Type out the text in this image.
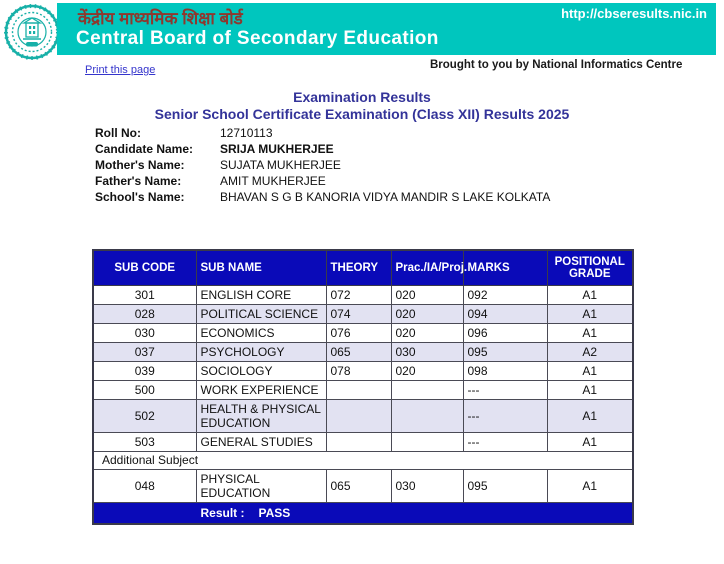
केंद्रीय माध्यमिक शिक्षा बोर्ड
Central Board of Secondary Education
http://cbseresults.nic.in
Print this page	Brought to you by National Informatics Centre
Examination Results
Senior School Certificate Examination (Class XII) Results 2025
Roll No:	12710113
Candidate Name: SRIJA MUKHERJEE
Mother's Name:	SUJATA MUKHERJEE
Father's Name:	AMIT MUKHERJEE
School's Name:	BHAVAN S G B KANORIA VIDYA MANDIR S LAKE KOLKATA
SUB CODE	SUB NAME	THEORY	Prac./IA/Proj.	MARKS	POSITIONAL GRADE
301	ENGLISH CORE	072	020	092	A1
028	POLITICAL SCIENCE	074	020	094	A1
030	ECONOMICS	076	020	096	A1
037	PSYCHOLOGY	065	030	095	A2
039	SOCIOLOGY	078	020	098	A1
500	WORK EXPERIENCE			---	A1
502	HEALTH & PHYSICAL EDUCATION			---	A1
503	GENERAL STUDIES			---	A1
Additional Subject					
048	PHYSICAL EDUCATION	065	030	095	A1
	Result : PASS				
